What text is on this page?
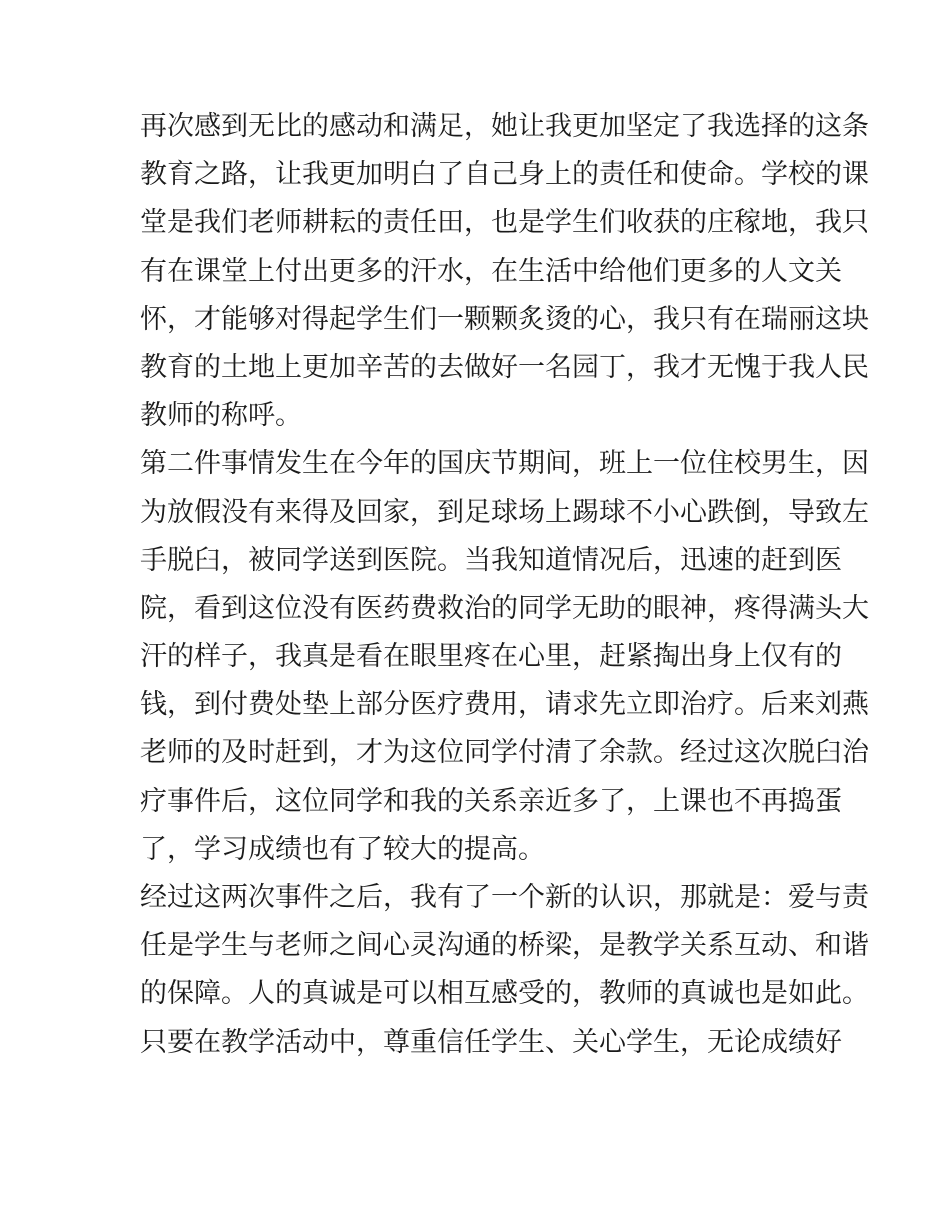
再次感到无比的感动和满足，她让我更加坚定了我选择的这条
教育之路，让我更加明白了自己身上的责任和使命。学校的课
堂是我们老师耕耘的责任田，也是学生们收获的庄稼地，我只
有在课堂上付出更多的汗水，在生活中给他们更多的人文关
怀，才能够对得起学生们一颗颗炙烫的心，我只有在瑞丽这块
教育的土地上更加辛苦的去做好一名园丁，我才无愧于我人民
教师的称呼。
第二件事情发生在今年的国庆节期间，班上一位住校男生，因
为放假没有来得及回家，到足球场上踢球不小心跌倒，导致左
手脱臼，被同学送到医院。当我知道情况后，迅速的赶到医
院，看到这位没有医药费救治的同学无助的眼神，疼得满头大
汗的样子，我真是看在眼里疼在心里，赶紧掏出身上仅有的
钱，到付费处垫上部分医疗费用，请求先立即治疗。后来刘燕
老师的及时赶到，才为这位同学付清了余款。经过这次脱臼治
疗事件后，这位同学和我的关系亲近多了，上课也不再捣蛋
了，学习成绩也有了较大的提高。
经过这两次事件之后，我有了一个新的认识，那就是：爱与责
任是学生与老师之间心灵沟通的桥梁，是教学关系互动、和谐
的保障。人的真诚是可以相互感受的，教师的真诚也是如此。
只要在教学活动中，尊重信任学生、关心学生，无论成绩好
